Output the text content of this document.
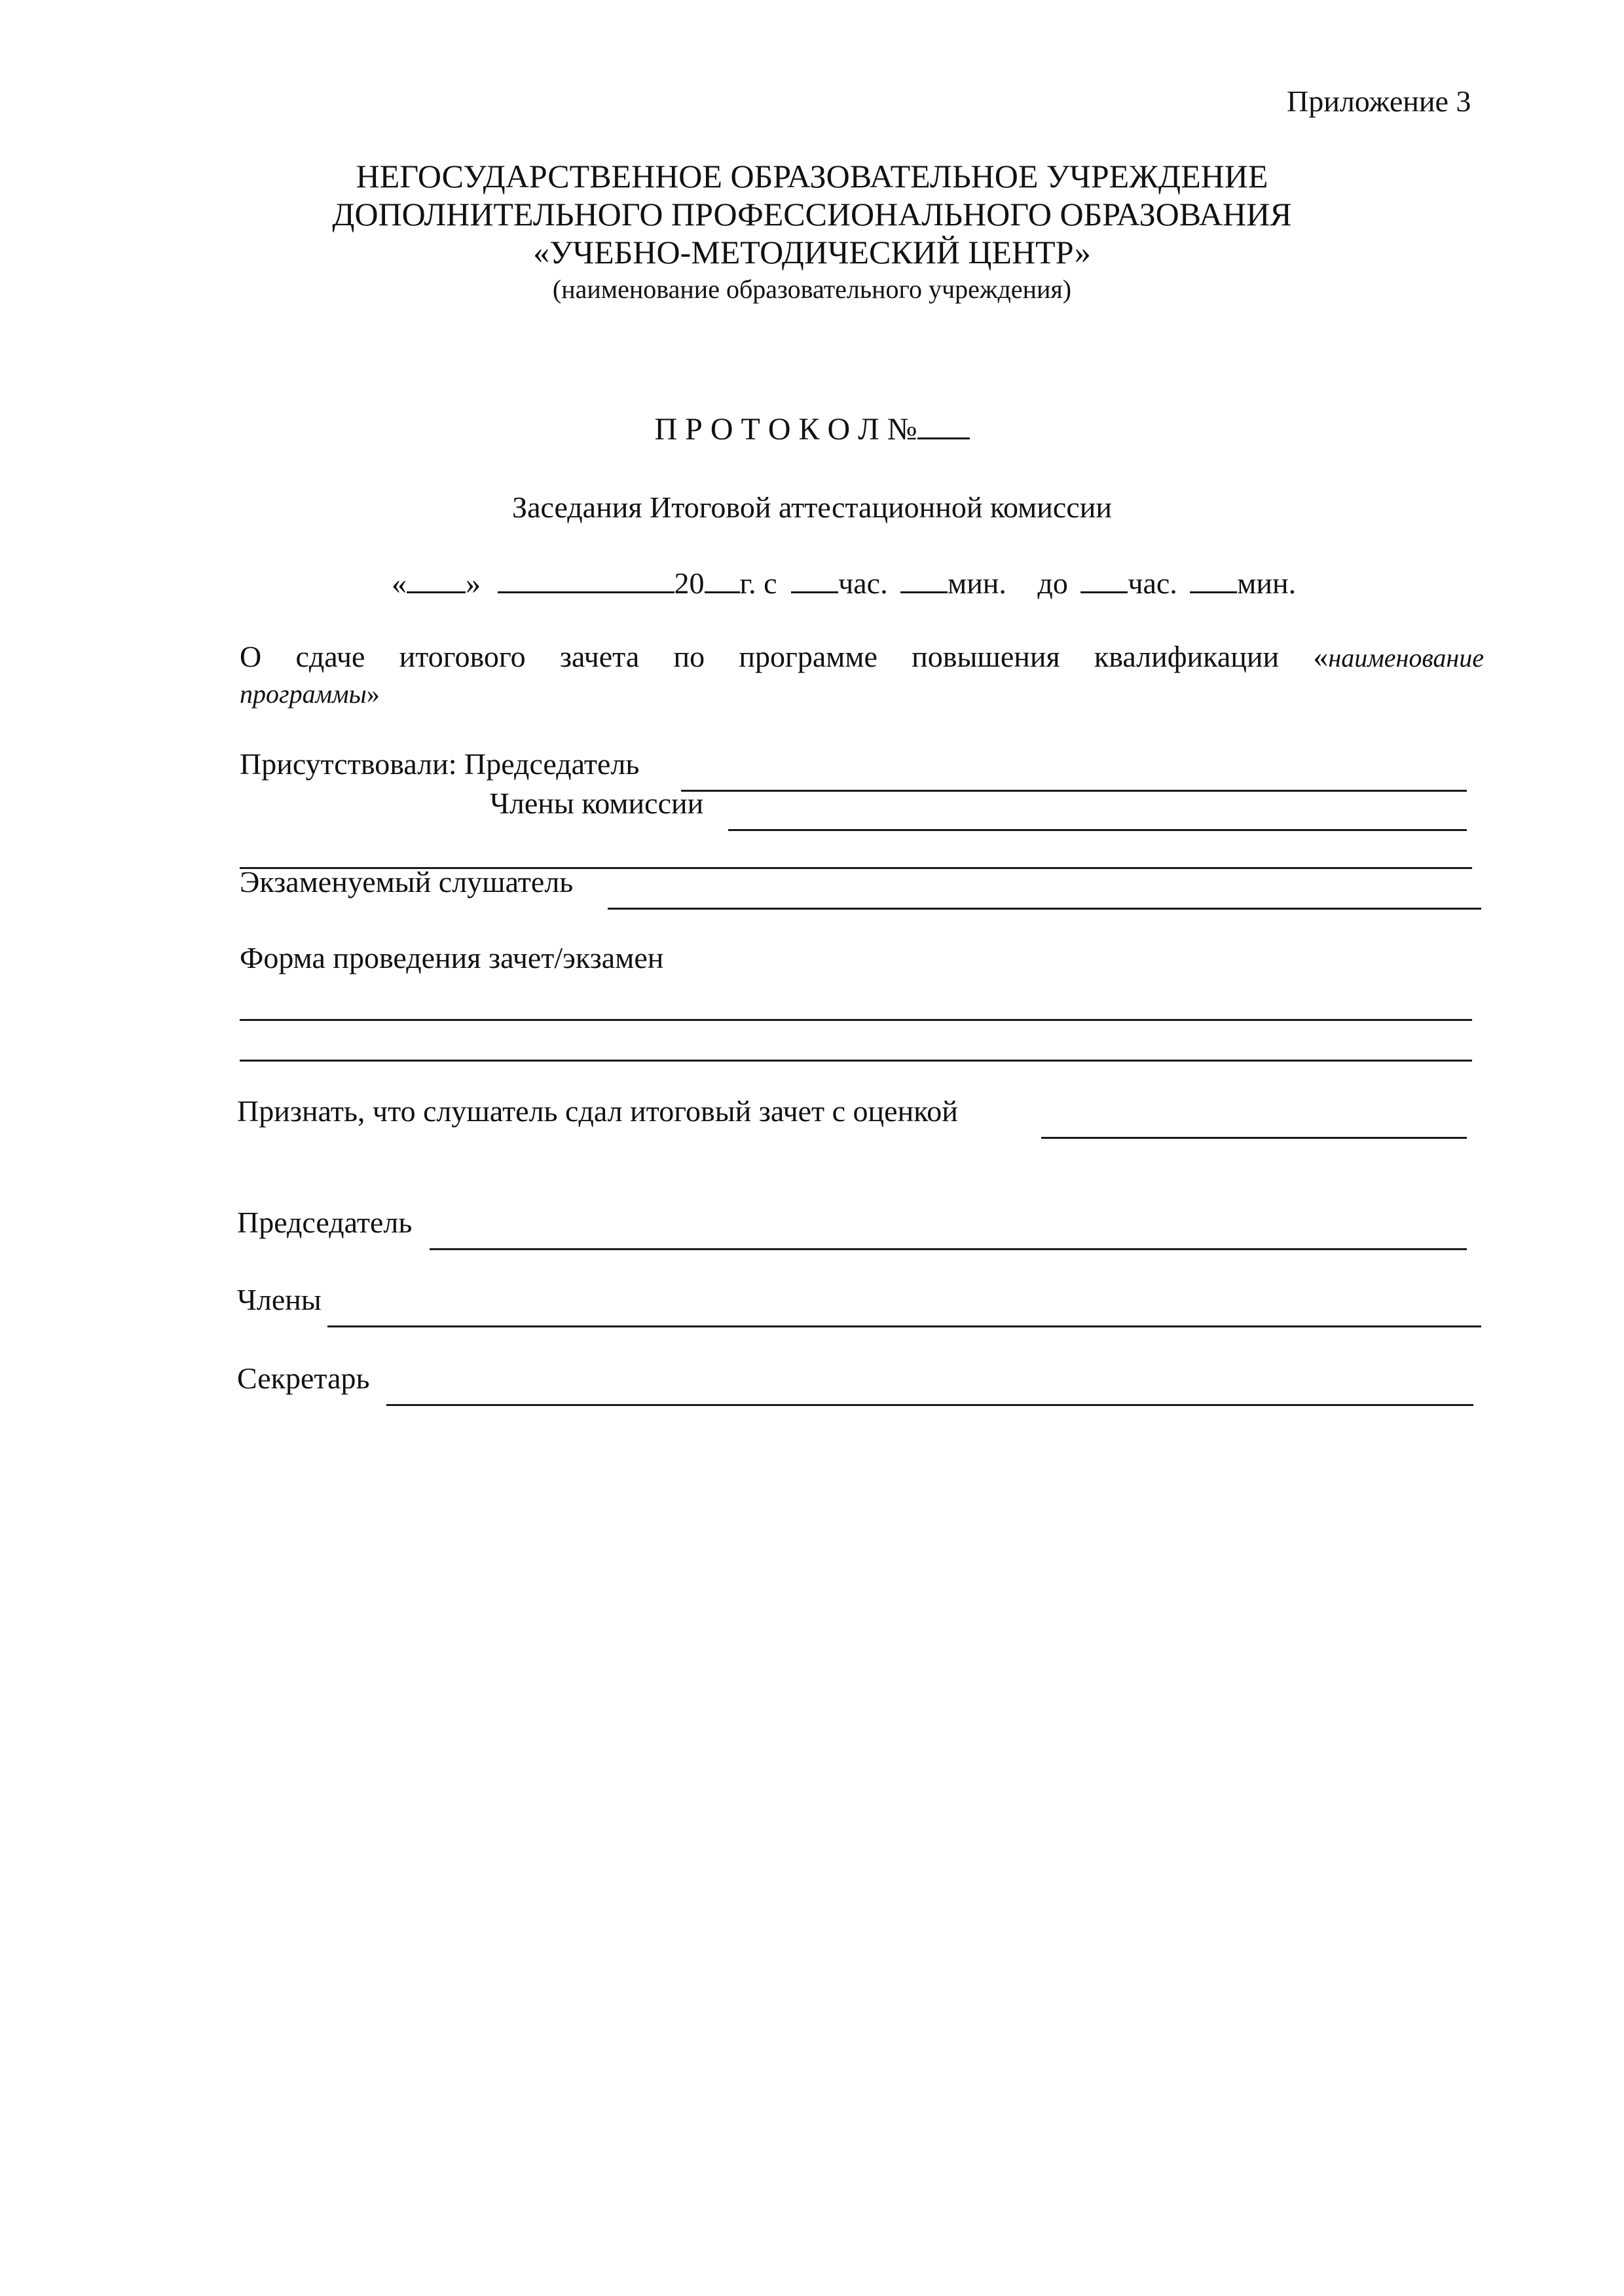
Приложение 3
НЕГОСУДАРСТВЕННОЕ ОБРАЗОВАТЕЛЬНОЕ УЧРЕЖДЕНИЕ
ДОПОЛНИТЕЛЬНОГО ПРОФЕССИОНАЛЬНОГО ОБРАЗОВАНИЯ
«УЧЕБНО-МЕТОДИЧЕСКИЙ ЦЕНТР»
(наименование образовательного учреждения)
П Р О Т О К О Л №
Заседания Итоговой аттестационной комиссии
« »	20 г. с час. мин. до час. мин.
О сдаче итогового зачета по программе повышения квалификации «наименование
программы»
Присутствовали: Председатель
Члены комиссии
Экзаменуемый слушатель
Форма проведения зачет/экзамен
Признать, что слушатель сдал итоговый зачет с оценкой
Председатель
Члены
Секретарь
